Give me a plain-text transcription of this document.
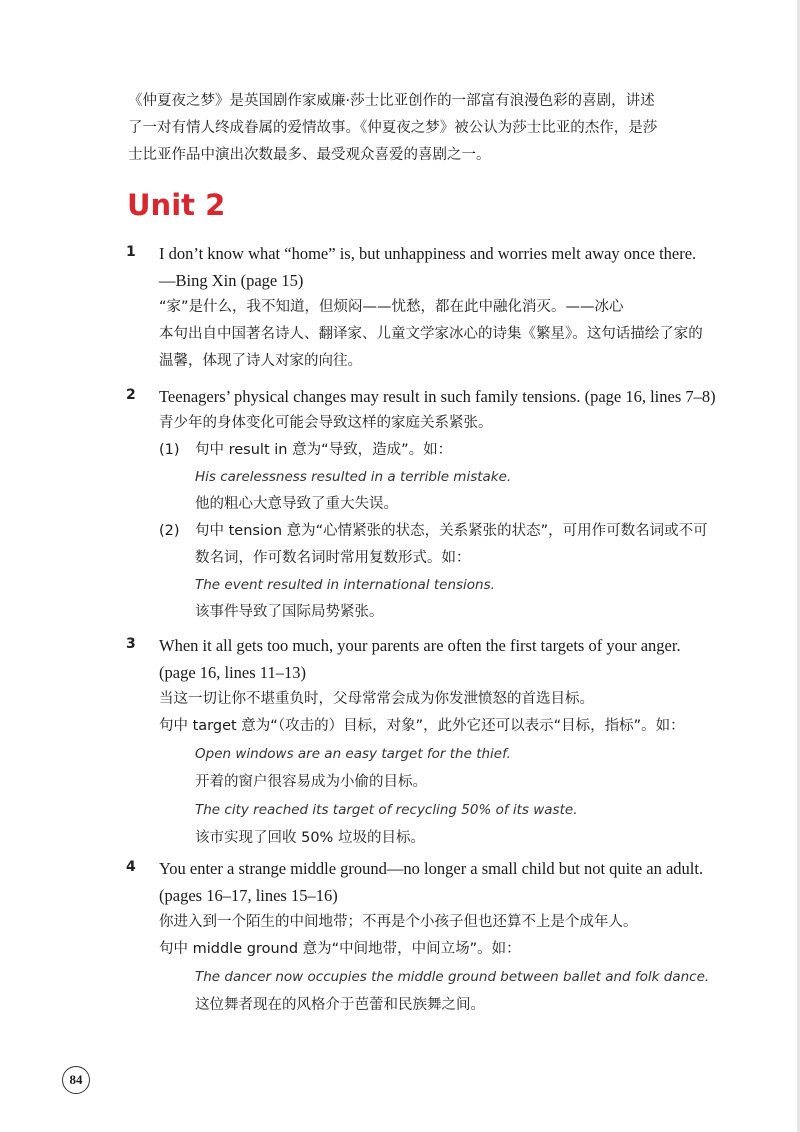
《仲夏夜之梦》是英国剧作家威廉·莎士比亚创作的一部富有浪漫色彩的喜剧，讲述
了一对有情人终成眷属的爱情故事。《仲夏夜之梦》被公认为莎士比亚的杰作，是莎
士比亚作品中演出次数最多、最受观众喜爱的喜剧之一。
Unit 2
1 I don’t know what “home” is, but unhappiness and worries melt away once there.
—Bing Xin (page 15)
“家”是什么，我不知道，但烦闷——忧愁，都在此中融化消灭。——冰心
本句出自中国著名诗人、翻译家、儿童文学家冰心的诗集《繁星》。这句话描绘了家的
温馨，体现了诗人对家的向往。
2 Teenagers’ physical changes may result in such family tensions. (page 16, lines 7–8)
青少年的身体变化可能会导致这样的家庭关系紧张。
(1) 句中 result in 意为“导致，造成”。如：
His carelessness resulted in a terrible mistake.
他的粗心大意导致了重大失误。
(2) 句中 tension 意为“心情紧张的状态，关系紧张的状态”，可用作可数名词或不可
数名词，作可数名词时常用复数形式。如：
The event resulted in international tensions.
该事件导致了国际局势紧张。
3 When it all gets too much, your parents are often the first targets of your anger.
(page 16, lines 11–13)
当这一切让你不堪重负时，父母常常会成为你发泄愤怒的首选目标。
句中 target 意为“（攻击的）目标，对象”，此外它还可以表示“目标，指标”。如：
Open windows are an easy target for the thief.
开着的窗户很容易成为小偷的目标。
The city reached its target of recycling 50% of its waste.
该市实现了回收 50% 垃圾的目标。
4 You enter a strange middle ground—no longer a small child but not quite an adult.
(pages 16–17, lines 15–16)
你进入到一个陌生的中间地带；不再是个小孩子但也还算不上是个成年人。
句中 middle ground 意为“中间地带，中间立场”。如：
The dancer now occupies the middle ground between ballet and folk dance.
这位舞者现在的风格介于芭蕾和民族舞之间。
84
